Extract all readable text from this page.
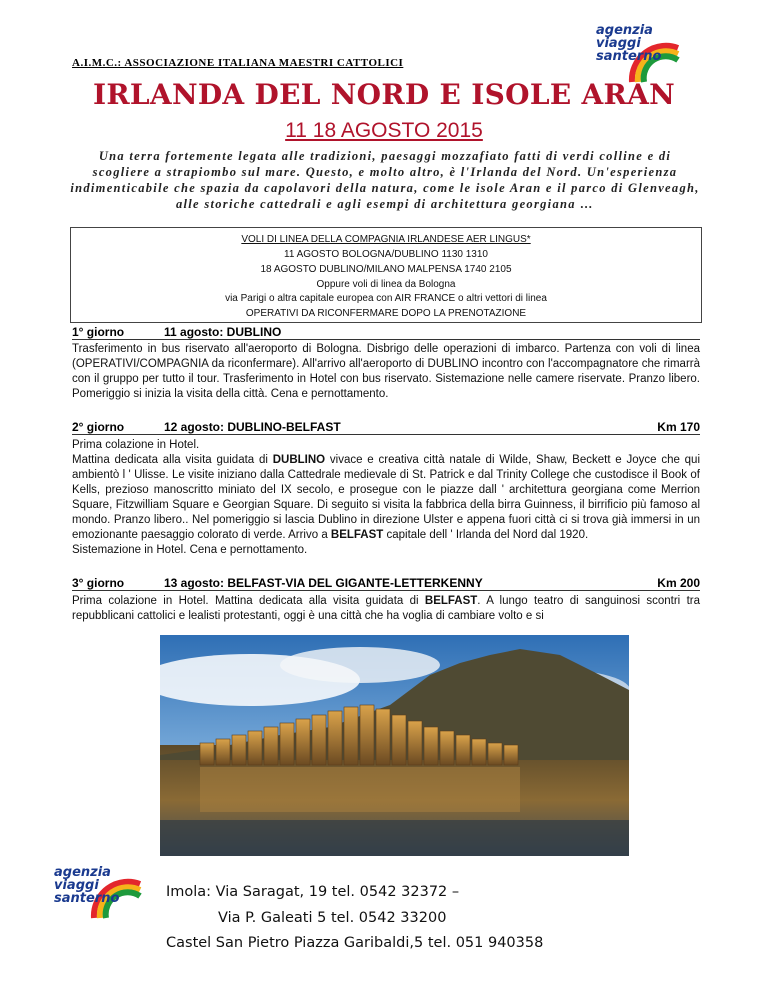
A.I.M.C.: ASSOCIAZIONE ITALIANA MAESTRI CATTOLICI
agenzia
viaggi
santerno
IRLANDA DEL NORD E ISOLE ARAN
11 18 AGOSTO 2015
Una terra fortemente legata alle tradizioni, paesaggi mozzafiato fatti di verdi colline e di scogliere a strapiombo sul mare. Questo, e molto altro, è l'Irlanda del Nord. Un'esperienza indimenticabile che spazia da capolavori della natura, come le isole Aran e il parco di Glenveagh, alle storiche cattedrali e agli esempi di architettura georgiana …
VOLI DI LINEA DELLA COMPAGNIA IRLANDESE AER LINGUS*
11 AGOSTO BOLOGNA/DUBLINO 1130 1310
18 AGOSTO DUBLINO/MILANO MALPENSA 1740 2105
Oppure voli di linea da Bologna
via Parigi o altra capitale europea con AIR FRANCE o altri vettori di linea
OPERATIVI DA RICONFERMARE DOPO LA PRENOTAZIONE
1° giorno	11 agosto: DUBLINO
Trasferimento in bus riservato all'aeroporto di Bologna. Disbrigo delle operazioni di imbarco. Partenza con voli di linea (OPERATIVI/COMPAGNIA da riconfermare). All'arrivo all'aeroporto di DUBLINO incontro con l'accompagnatore che rimarrà con il gruppo per tutto il tour. Trasferimento in Hotel con bus riservato. Sistemazione nelle camere riservate. Pranzo libero. Pomeriggio si inizia la visita della città. Cena e pernottamento.
2° giorno	12 agosto: DUBLINO-BELFAST	Km 170
Prima colazione in Hotel.
Mattina dedicata alla visita guidata di DUBLINO vivace e creativa città natale di Wilde, Shaw, Beckett e Joyce che qui ambientò l ' Ulisse. Le visite iniziano dalla Cattedrale medievale di St. Patrick e dal Trinity College che custodisce il Book of Kells, prezioso manoscritto miniato del IX secolo, e prosegue con le piazze dall ' architettura georgiana come Merrion Square, Fitzwilliam Square e Georgian Square. Di seguito si visita la fabbrica della birra Guinness, il birrificio più famoso al mondo. Pranzo libero.. Nel pomeriggio si lascia Dublino in direzione Ulster e appena fuori città ci si trova già immersi in un emozionante paesaggio colorato di verde. Arrivo a BELFAST capitale dell ' Irlanda del Nord dal 1920.
Sistemazione in Hotel. Cena e pernottamento.
3° giorno	13 agosto: BELFAST-VIA DEL GIGANTE-LETTERKENNY	Km 200
Prima colazione in Hotel. Mattina dedicata alla visita guidata di BELFAST. A lungo teatro di sanguinosi scontri tra repubblicani cattolici e lealisti protestanti, oggi è una città che ha voglia di cambiare volto e si
agenzia
viaggi
santerno	Imola: Via Saragat, 19 tel. 0542 32372 –
Via P. Galeati 5 tel. 0542 33200
Castel San Pietro Piazza Garibaldi,5 tel. 051 940358
